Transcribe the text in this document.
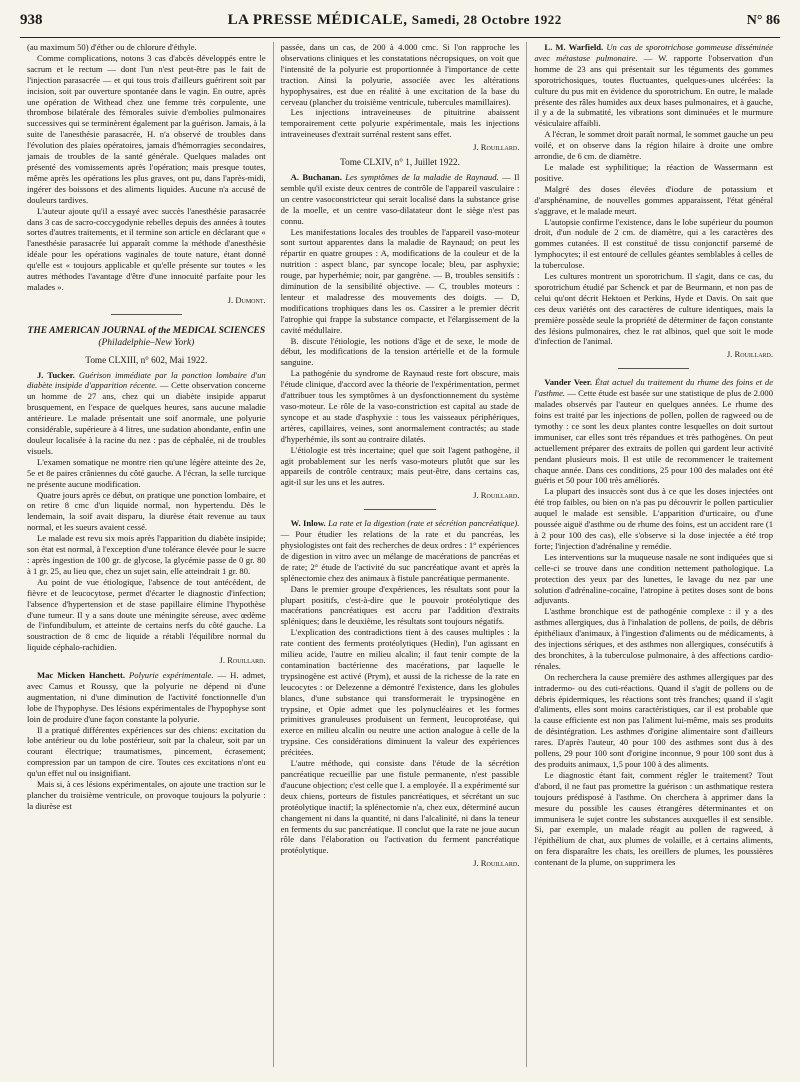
938	LA PRESSE MÉDICALE, Samedi, 28 Octobre 1922	N° 86

(au maximum 50) d'éther ou de chlorure d'éthyle.

Comme complications, notons 3 cas d'abcès développés entre le sacrum et le rectum — dont l'un n'est peut-être pas le fait de l'injection parasacrée — et qui tous trois d'ailleurs guérirent soit par incision, soit par ouverture spontanée dans le vagin. En outre, après une opération de Withead chez une femme très corpulente, une thrombose bilatérale des fémorales suivie d'embolies pulmonaires successives qui se terminèrent également par la guérison. Jamais, à la suite de l'anesthésie parasacrée, H. n'a observé de troubles dans l'évolution des plaies opératoires, jamais d'hémorragies secondaires, jamais de troubles de la santé générale. Quelques malades ont présenté des vomissements après l'opération; mais presque toutes, même après les opérations les plus graves, ont pu, dans l'après-midi, ingérer des boissons et des aliments liquides. Aucune n'a accusé de douleurs tardives.

L'auteur ajoute qu'il a essayé avec succès l'anesthésie parasacrée dans 3 cas de sacro-coccygodynie rebelles depuis des années à toutes sortes d'autres traitements, et il termine son article en déclarant que « l'anesthésie parasacrée lui apparaît comme la méthode d'anesthésie idéale pour les opérations vaginales de toute nature, étant donné qu'elle est « toujours applicable et qu'elle présente sur toutes « les autres méthodes l'avantage d'être d'une innocuité parfaite pour les malades ».

J. Dumont.

THE AMERICAN JOURNAL of the MEDICAL SCIENCES
(Philadelphie–New York)
Tome CLXIII, n° 602, Mai 1922.

J. Tucker. Guérison immédiate par la ponction lombaire d'un diabète insipide d'apparition récente. — Cette observation concerne un homme de 27 ans, chez qui un diabète insipide apparut brusquement, en l'espace de quelques heures, sans aucune maladie antérieure. Le malade présentait une soif anormale, une polyurie considérable, supérieure à 4 litres, une sudation abondante, enfin une douleur localisée à la racine du nez : pas de céphalée, ni de troubles visuels.

L'examen somatique ne montre rien qu'une légère atteinte des 2e, 5e et 8e paires crâniennes du côté gauche. A l'écran, la selle turcique ne présente aucune modification.

Quatre jours après ce début, on pratique une ponction lombaire, et on retire 8 cmc d'un liquide normal, non hypertendu. Dès le lendemain, la soif avait disparu, la diurèse était revenue au taux normal, et les sueurs avaient cessé.

Le malade est revu six mois après l'apparition du diabète insipide; son état est normal, à l'exception d'une tolérance élevée pour le sucre : après ingestion de 100 gr. de glycose, la glycémie passe de 0 gr. 80 à 1 gr. 25, au lieu que, chez un sujet sain, elle atteindrait 1 gr. 80.

Au point de vue étiologique, l'absence de tout antécédent, de fièvre et de leucocytose, permet d'écarter le diagnostic d'infection; l'absence d'hypertension et de stase papillaire élimine l'hypothèse d'une tumeur. Il y a sans doute une méningite séreuse, avec œdème de l'infundibulum, et atteinte de certains nerfs du côté gauche. La soustraction de 8 cmc de liquide a rétabli l'équilibre normal du liquide céphalo-rachidien.

J. Rouillard.

Mac Micken Hanchett. Polyurie expérimentale. — H. admet, avec Camus et Roussy, que la polyurie ne dépend ni d'une augmentation, ni d'une diminution de l'activité fonctionnelle d'un lobe de l'hypophyse. Des lésions expérimentales de l'hypophyse sont loin de produire d'une façon constante la polyurie.

Il a pratiqué différentes expériences sur des chiens: excitation du lobe antérieur ou du lobe postérieur, soit par la chaleur, soit par un courant électrique; traumatismes, pincement, écrasement; compression par un tampon de cire. Toutes ces excitations n'ont eu qu'un effet nul ou insignifiant.

Mais si, à ces lésions expérimentales, on ajoute une traction sur le plancher du troisième ventricule, on provoque toujours la polyurie : la diurèse est

passée, dans un cas, de 200 à 4.000 cmc. Si l'on rapproche les observations cliniques et les constatations nécropsiques, on voit que l'intensité de la polyurie est proportionnée à l'importance de cette traction. Ainsi la polyurie, associée avec les altérations hypophysaires, est due en réalité à une excitation de la base du cerveau (plancher du troisième ventricule, tubercules mamillaires).

Les injections intraveineuses de pituitrine abaissent temporairement cette polyurie expérimentale, mais les injections intraveineuses d'extrait surrénal restent sans effet.

J. Rouillard.

Tome CLXIV, n° 1, Juillet 1922.

A. Buchanan. Les symptômes de la maladie de Raynaud. — Il semble qu'il existe deux centres de contrôle de l'appareil vasculaire : un centre vasoconstricteur qui serait localisé dans la substance grise de la moelle, et un centre vaso-dilatateur dont le siège n'est pas connu.

Les manifestations locales des troubles de l'appareil vaso-moteur sont surtout apparentes dans la maladie de Raynaud; on peut les répartir en quatre groupes : A, modifications de la couleur et de la nutrition : aspect blanc, par syncope locale; bleu, par asphyxie; rouge, par hyperhémie; noir, par gangrène. — B, troubles sensitifs : diminution de la sensibilité objective. — C, troubles moteurs : lenteur et maladresse des mouvements des doigts. — D, modifications trophiques dans les os. Cassirer a le premier décrit l'atrophie qui frappe la substance compacte, et l'élargissement de la cavité médullaire.

B. discute l'étiologie, les notions d'âge et de sexe, le mode de début, les modifications de la tension artérielle et de la formule sanguine.

La pathogénie du syndrome de Raynaud reste fort obscure, mais l'étude clinique, d'accord avec la théorie de l'expérimentation, permet d'attribuer tous les symptômes à un dysfonctionnement du système vaso-moteur. Le rôle de la vaso-constriction est capital au stade de syncope et au stade d'asphyxie : tous les vaisseaux périphériques, artères, capillaires, veines, sont anormalement contractés; au stade d'hyperhémie, ils sont au contraire dilatés.

L'étiologie est très incertaine; quel que soit l'agent pathogène, il agit probablement sur les nerfs vaso-moteurs plutôt que sur les appareils de contrôle centraux; mais peut-être, dans certains cas, agit-il sur les uns et les autres.

J. Rouillard.

W. Inlow. La rate et la digestion (rate et sécrétion pancréatique). — Pour étudier les relations de la rate et du pancréas, les physiologistes ont fait des recherches de deux ordres : 1° expériences de digestion in vitro avec un mélange de macérations de pancréas et de rate; 2° étude de l'activité du suc pancréatique avant et après la splénectomie chez des animaux à fistule pancréatique permanente.

Dans le premier groupe d'expériences, les résultats sont pour la plupart positifs, c'est-à-dire que le pouvoir protéolytique des macérations pancréatiques est accru par l'addition d'extraits spléniques; dans le deuxième, les résultats sont toujours négatifs.

L'explication des contradictions tient à des causes multiples : la rate contient des ferments protéolytiques (Hedin), l'un agissant en milieu acide, l'autre en milieu alcalin; il faut tenir compte de la contamination bactérienne des macérations, par laquelle le trypsinogène est activé (Prym), et aussi de la richesse de la rate en leucocytes : or Delezenne a démontré l'existence, dans les globules blancs, d'une substance qui transformerait le trypsinogène en trypsine, et Opie admet que les polynucléaires et les formes primitives granuleuses produisent un ferment, leucoprotéase, qui exerce en milieu alcalin ou neutre une action analogue à celle de la trypsine. Ces considérations diminuent la valeur des expériences précitées.

L'autre méthode, qui consiste dans l'étude de la sécrétion pancréatique recueillie par une fistule permanente, n'est passible d'aucune objection; c'est celle que I. a employée. Il a expérimenté sur deux chiens, porteurs de fistules pancréatiques, et sécrétant un suc protéolytique inactif; la splénectomie n'a, chez eux, déterminé aucun changement ni dans la quantité, ni dans l'alcalinité, ni dans la teneur en ferments du suc pancréatique. Il conclut que la rate ne joue aucun rôle dans l'élaboration ou l'activation du ferment pancréatique protéolytique.

J. Rouillard.

L. M. Warfield. Un cas de sporotrichose gommeuse disséminée avec métastase pulmonaire. — W. rapporte l'observation d'un homme de 23 ans qui présentait sur les téguments des gommes sporotrichosiques, toutes fluctuantes, quelques-unes ulcérées: la culture du pus mit en évidence du sporotrichum. En outre, le malade présente des râles humides aux deux bases pulmonaires, et à gauche, il y a de la submatité, les vibrations sont diminuées et le murmure vésiculaire affaibli.

A l'écran, le sommet droit paraît normal, le sommet gauche un peu voilé, et on observe dans la région hilaire à droite une ombre arrondie, de 6 cm. de diamètre.

Le malade est syphilitique; la réaction de Wassermann est positive.

Malgré des doses élevées d'iodure de potassium et d'arsphénamine, de nouvelles gommes apparaissent, l'état général s'aggrave, et le malade meurt.

L'autopsie confirme l'existence, dans le lobe supérieur du poumon droit, d'un nodule de 2 cm. de diamètre, qui a les caractères des gommes cutanées. Il est constitué de tissu conjonctif parsemé de lymphocytes; il est entouré de cellules géantes semblables à celles de la tuberculose.

Les cultures montrent un sporotrichum. Il s'agit, dans ce cas, du sporotrichum étudié par Schenck et par de Beurmann, et non pas de celui qu'ont décrit Hektoen et Perkins, Hyde et Davis. On sait que ces deux variétés ont des caractères de culture identiques, mais la première possède seule la propriété de déterminer de façon constante des lésions pulmonaires, chez le rat albinos, quel que soit le mode d'infection de l'animal.

J. Rouillard.

Vander Veer. État actuel du traitement du rhume des foins et de l'asthme. — Cette étude est basée sur une statistique de plus de 2.000 malades observés par l'auteur en quelques années. Le rhume des foins est traité par les injections de pollen, pollen de ragweed ou de tymothy : ce sont les deux plantes contre lesquelles on doit surtout immuniser, car elles sont très répandues et très pathogènes. On peut actuellement préparer des extraits de pollen qui gardent leur activité pendant plusieurs mois. Il est utile de recommencer le traitement chaque année. Dans ces conditions, 25 pour 100 des malades ont été guéris et 50 pour 100 très améliorés.

La plupart des insuccès sont dus à ce que les doses injectées ont été trop faibles, ou bien on n'a pas pu découvrir le pollen particulier auquel le malade est sensible. L'apparition d'urticaire, ou d'une poussée aiguë d'asthme ou de rhume des foins, est un accident rare (1 à 2 pour 100 des cas), elle s'observe si la dose injectée a été trop forte; l'injection d'adrénaline y remédie.

Les interventions sur la muqueuse nasale ne sont indiquées que si celle-ci se trouve dans une condition nettement pathologique. La protection des yeux par des lunettes, le lavage du nez par une solution d'adrénaline-cocaïne, l'atropine à petites doses sont de bons adjuvants.

L'asthme bronchique est de pathogénie complexe : il y a des asthmes allergiques, dus à l'inhalation de pollens, de poils, de débris épithéliaux d'animaux, à l'ingestion d'aliments ou de médicaments, à des injections sériques, et des asthmes non allergiques, consécutifs à des bronchites, à la tuberculose pulmonaire, à des affections cardio-rénales.

On recherchera la cause première des asthmes allergiques par des intradermo- ou des cuti-réactions. Quand il s'agit de pollens ou de débris épidermiques, les réactions sont très franches; quand il s'agit d'aliments, elles sont moins caractéristiques, car il est probable que la cause efficiente est non pas l'aliment lui-même, mais ses produits de désintégration. Les asthmes d'origine alimentaire sont d'ailleurs rares. D'après l'auteur, 40 pour 100 des asthmes sont dus à des pollens, 29 pour 100 sont d'origine inconnue, 9 pour 100 sont dus à des produits animaux, 1,5 pour 100 à des aliments.

Le diagnostic étant fait, comment régler le traitement? Tout d'abord, il ne faut pas promettre la guérison : un asthmatique restera toujours prédisposé à l'asthme. On cherchera à apprimer dans la mesure du possible les causes étrangères déterminantes et on immunisera le sujet contre les substances auxquelles il est sensible. Si, par exemple, un malade réagit au pollen de ragweed, à l'épithélium de chat, aux plumes de volaille, et à certains aliments, on fera disparaître les chats, les oreillers de plumes, les poussières contenant de la plume, on supprimera les
